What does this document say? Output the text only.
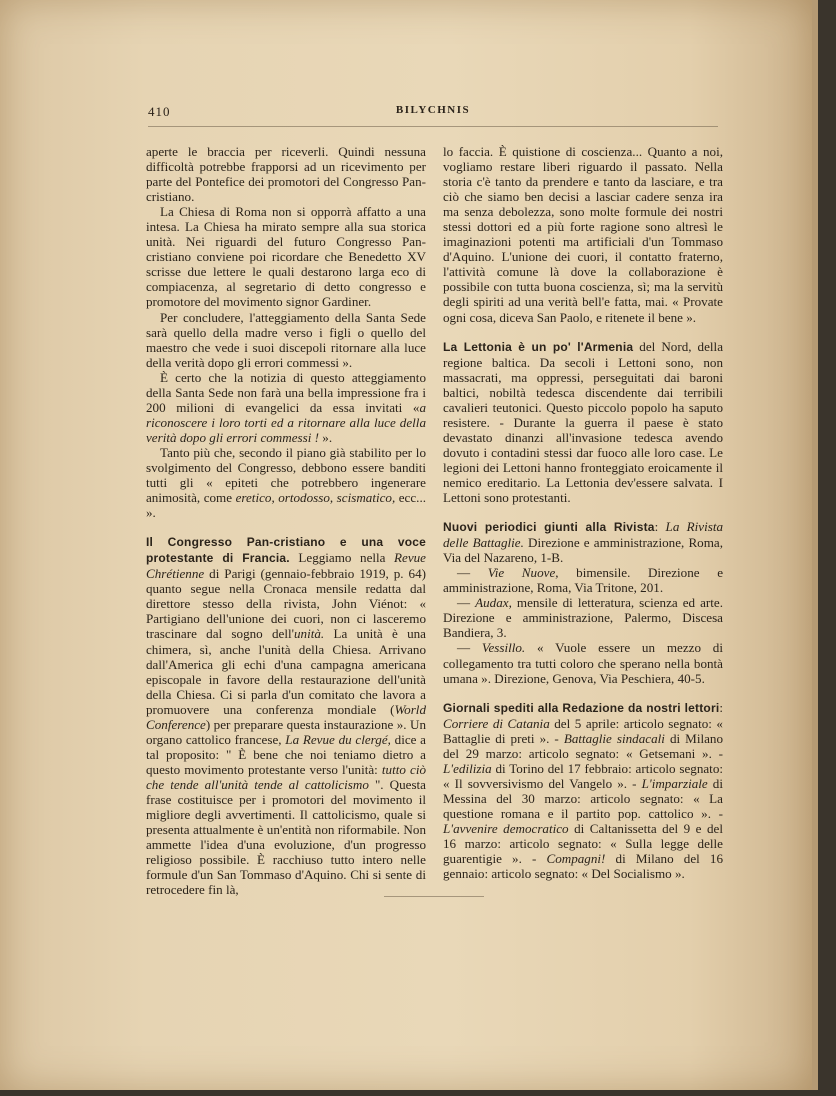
410	BILYCHNIS

aperte le braccia per riceverli. Quindi nessuna difficoltà potrebbe frapporsi ad un ricevimento per parte del Pontefice dei promotori del Congresso Pan-cristiano.

La Chiesa di Roma non si opporrà affatto a una intesa. La Chiesa ha mirato sempre alla sua storica unità. Nei riguardi del futuro Congresso Pan-cristiano conviene poi ricordare che Benedetto XV scrisse due lettere le quali destarono larga eco di compiacenza, al segretario di detto congresso e promotore del movimento signor Gardiner.

Per concludere, l'atteggiamento della Santa Sede sarà quello della madre verso i figli o quello del maestro che vede i suoi discepoli ritornare alla luce della verità dopo gli errori commessi ».

È certo che la notizia di questo atteggiamento della Santa Sede non farà una bella impressione fra i 200 milioni di evangelici da essa invitati «a riconoscere i loro torti ed a ritornare alla luce della verità dopo gli errori commessi ! ».

Tanto più che, secondo il piano già stabilito per lo svolgimento del Congresso, debbono essere banditi tutti gli « epiteti che potrebbero ingenerare animosità, come eretico, ortodosso, scismatico, ecc... ».

Il Congresso Pan-cristiano e una voce protestante di Francia. Leggiamo nella Revue Chrétienne di Parigi (gennaio-febbraio 1919, p. 64) quanto segue nella Cronaca mensile redatta dal direttore stesso della rivista, John Viénot: « Partigiano dell'unione dei cuori, non ci lasceremo trascinare dal sogno dell'unità. La unità è una chimera, sì, anche l'unità della Chiesa. Arrivano dall'America gli echi d'una campagna americana episcopale in favore della restaurazione dell'unità della Chiesa. Ci si parla d'un comitato che lavora a promuovere una conferenza mondiale (World Conference) per preparare questa instaurazione ». Un organo cattolico francese, La Revue du clergé, dice a tal proposito: " È bene che noi teniamo dietro a questo movimento protestante verso l'unità: tutto ciò che tende all'unità tende al cattolicismo ". Questa frase costituisce per i promotori del movimento il migliore degli avvertimenti. Il cattolicismo, quale si presenta attualmente è un'entità non riformabile. Non ammette l'idea d'una evoluzione, d'un progresso religioso possibile. È racchiuso tutto intero nelle formule d'un San Tommaso d'Aquino. Chi si sente di retrocedere fin là,

lo faccia. È quistione di coscienza... Quanto a noi, vogliamo restare liberi riguardo il passato. Nella storia c'è tanto da prendere e tanto da lasciare, e tra ciò che siamo ben decisi a lasciar cadere senza ira ma senza debolezza, sono molte formule dei nostri stessi dottori ed a più forte ragione sono altresì le imaginazioni potenti ma artificiali d'un Tommaso d'Aquino. L'unione dei cuori, il contatto fraterno, l'attività comune là dove la collaborazione è possibile con tutta buona coscienza, sì; ma la servitù degli spiriti ad una verità bell'e fatta, mai. « Provate ogni cosa, diceva San Paolo, e ritenete il bene ».

La Lettonia è un po' l'Armenia del Nord, della regione baltica. Da secoli i Lettoni sono, non massacrati, ma oppressi, perseguitati dai baroni baltici, nobiltà tedesca discendente dai terribili cavalieri teutonici. Questo piccolo popolo ha saputo resistere. - Durante la guerra il paese è stato devastato dinanzi all'invasione tedesca avendo dovuto i contadini stessi dar fuoco alle loro case. Le legioni dei Lettoni hanno fronteggiato eroicamente il nemico ereditario. La Lettonia dev'essere salvata. I Lettoni sono protestanti.

Nuovi periodici giunti alla Rivista: La Rivista delle Battaglie. Direzione e amministrazione, Roma, Via del Nazareno, 1-B.

— Vie Nuove, bimensile. Direzione e amministrazione, Roma, Via Tritone, 201.

— Audax, mensile di letteratura, scienza ed arte. Direzione e amministrazione, Palermo, Discesa Bandiera, 3.

— Vessillo. « Vuole essere un mezzo di collegamento tra tutti coloro che sperano nella bontà umana ». Direzione, Genova, Via Peschiera, 40-5.

Giornali spediti alla Redazione da nostri lettori: Corriere di Catania del 5 aprile: articolo segnato: « Battaglie di preti ». - Battaglie sindacali di Milano del 29 marzo: articolo segnato: « Getsemani ». - L'edilizia di Torino del 17 febbraio: articolo segnato: « Il sovversivismo del Vangelo ». - L'imparziale di Messina del 30 marzo: articolo segnato: « La questione romana e il partito pop. cattolico ». - L'avvenire democratico di Caltanissetta del 9 e del 16 marzo: articolo segnato: « Sulla legge delle guarentigie ». - Compagni! di Milano del 16 gennaio: articolo segnato: « Del Socialismo ».
